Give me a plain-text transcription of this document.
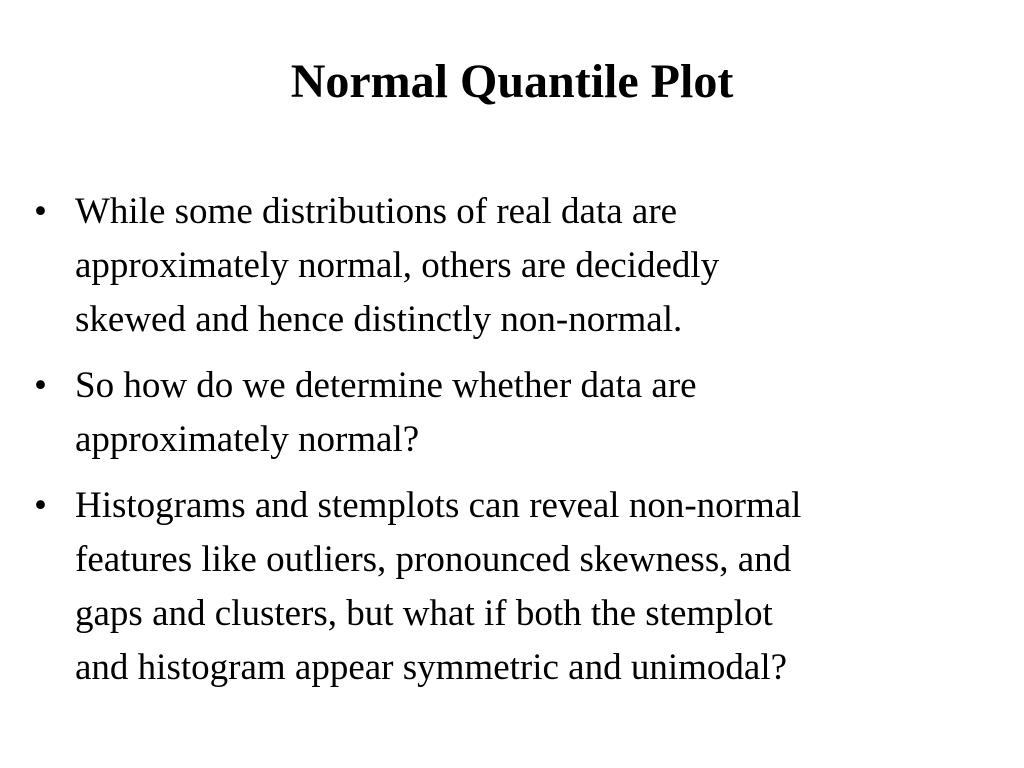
Normal Quantile Plot
• While some distributions of real data are
approximately normal, others are decidedly
skewed and hence distinctly non-normal.
• So how do we determine whether data are
approximately normal?
• Histograms and stemplots can reveal non-normal
features like outliers, pronounced skewness, and
gaps and clusters, but what if both the stemplot
and histogram appear symmetric and unimodal?
